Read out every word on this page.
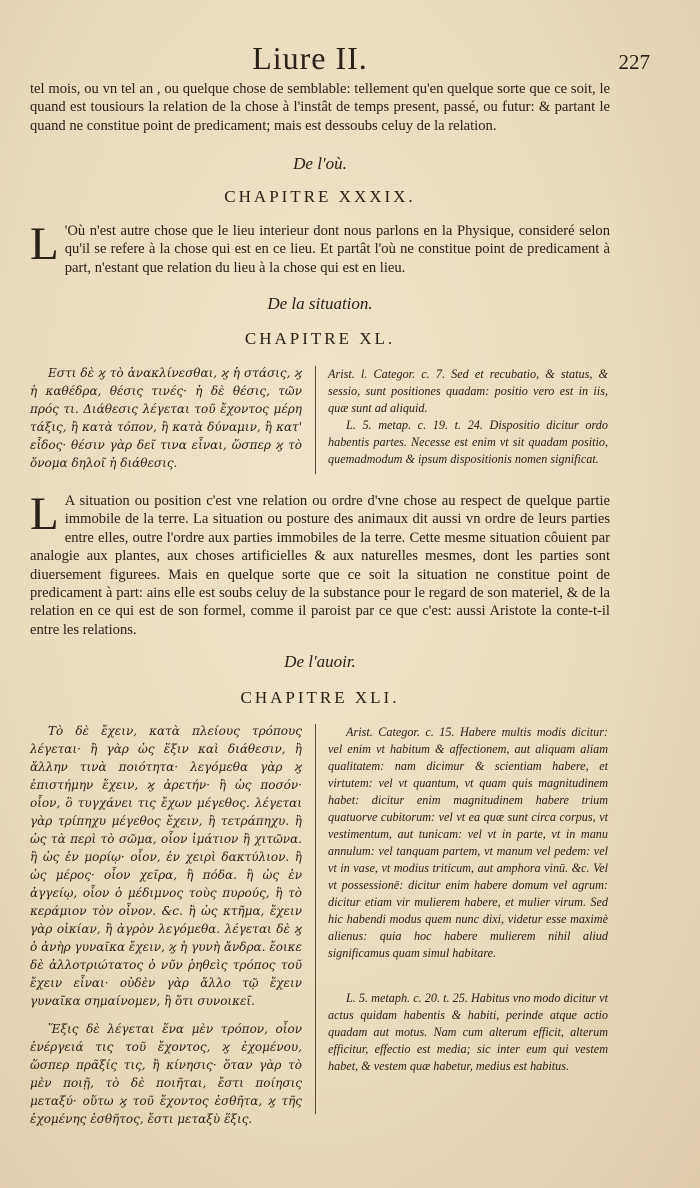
Liure II.	227

tel mois, ou vn tel an , ou quelque chose de semblable: tellement qu'en quelque sorte que ce soit, le quand est tousiours la relation de la chose à l'instât de temps present, passé, ou futur: & partant le quand ne constitue point de predicament; mais est dessoubs celuy de la relation.

De l'où.
CHAPITRE XXXIX.

L 'Où n'est autre chose que le lieu interieur dont nous parlons en la Physique, consideré selon qu'il se refere à la chose qui est en ce lieu. Et partât l'où ne constitue point de predicament à part, n'estant que relation du lieu à la chose qui est en lieu.

De la situation.
CHAPITRE XL.

Εστι δὲ ϗ τὸ ἀνακλίνεσθαι, ϗ ἡ στάσις, ϗ ἡ καθέδρα, θέσις τινές· ἡ δὲ θέσις, τῶν πρός τι. Διάθεσις λέγεται τοῦ ἔχοντος μέρη τάξις, ἢ κατὰ τόπον, ἢ κατὰ δύναμιν, ἢ κατ' εἶδος· θέσιν γὰρ δεῖ τινα εἶναι, ὥσπερ ϗ τὸ ὄνομα δηλοῖ ἡ διάθεσις.

Arist. l. Categor. c. 7. Sed et recubatio, & status, & sessio, sunt positiones quadam: positio vero est in iis, quæ sunt ad aliquid.

L. 5. metap. c. 19. t. 24. Dispositio dicitur ordo habentis partes. Necesse est enim vt sit quadam positio, quemadmodum & ipsum dispositionis nomen significat.

L A situation ou position c'est vne relation ou ordre d'vne chose au respect de quelque partie immobile de la terre. La situation ou posture des animaux dit aussi vn ordre de leurs parties entre elles, outre l'ordre aux parties immobiles de la terre. Cette mesme situation côuient par analogie aux plantes, aux choses artificielles & aux naturelles mesmes, dont les parties sont diuersement figurees. Mais en quelque sorte que ce soit la situation ne constitue point de predicament à part: ains elle est soubs celuy de la substance pour le regard de son materiel, & de la relation en ce qui est de son formel, comme il paroist par ce que c'est: aussi Aristote la conte-t-il entre les relations.

De l'auoir.
CHAPITRE XLI.

Τὸ δὲ ἔχειν, κατὰ πλείους τρόπους λέγεται· ἢ γὰρ ὡς ἕξιν καὶ διάθεσιν, ἢ ἄλλην τινὰ ποιότητα· λεγόμεθα γὰρ ϗ ἐπιστήμην ἔχειν, ϗ ἀρετήν· ἢ ὡς ποσόν· οἷον, ὃ τυγχάνει τις ἔχων μέγεθος. λέγεται γὰρ τρίπηχυ μέγεθος ἔχειν, ἢ τετράπηχυ. ἢ ὡς τὰ περὶ τὸ σῶμα, οἷον ἱμάτιον ἢ χιτῶνα. ἢ ὡς ἐν μορίῳ· οἷον, ἐν χειρὶ δακτύλιον. ἢ ὡς μέρος· οἷον χεῖρα, ἢ πόδα. ἢ ὡς ἐν ἀγγείῳ, οἷον ὁ μέδιμνος τοὺς πυρούς, ἢ τὸ κεράμιον τὸν οἶνον. &c. ἢ ὡς κτῆμα, ἔχειν γὰρ οἰκίαν, ἢ ἀγρὸν λεγόμεθα. λέγεται δὲ ϗ ὁ ἀνὴρ γυναῖκα ἔχειν, ϗ ἡ γυνὴ ἄνδρα. ἔοικε δὲ ἀλλοτριώτατος ὁ νῦν ῥηθεὶς τρόπος τοῦ ἔχειν εἶναι· οὐδὲν γὰρ ἄλλο τῷ ἔχειν γυναῖκα σημαίνομεν, ἢ ὅτι συνοικεῖ.

Ἕξις δὲ λέγεται ἕνα μὲν τρόπον, οἷον ἐνέργειά τις τοῦ ἔχοντος, ϗ ἐχομένου, ὥσπερ πρᾶξίς τις, ἢ κίνησις· ὅταν γὰρ τὸ μὲν ποιῇ, τὸ δὲ ποιῆται, ἔστι ποίησις μεταξύ· οὕτω ϗ τοῦ ἔχοντος ἐσθῆτα, ϗ τῆς ἐχομένης ἐσθῆτος, ἔστι μεταξὺ ἕξις.

Arist. Categor. c. 15. Habere multis modis dicitur: vel enim vt habitum & affectionem, aut aliquam aliam qualitatem: nam dicimur & scientiam habere, et virtutem: vel vt quantum, vt quam quis magnitudinem habet: dicitur enim magnitudinem habere trium quatuorve cubitorum: vel vt ea quæ sunt circa corpus, vt vestimentum, aut tunicam: vel vt in parte, vt in manu annulum: vel tanquam partem, vt manum vel pedem: vel vt in vase, vt modius triticum, aut amphora vinū. &c. Vel vt possessionē: dicitur enim habere domum vel agrum: dicitur etiam vir mulierem habere, et mulier virum. Sed hic habendi modus quem nunc dixi, videtur esse maximè alienus: quia hoc habere mulierem nihil aliud significamus quam simul habitare.

L. 5. metaph. c. 20. t. 25. Habitus vno modo dicitur vt actus quidam habentis & habiti, perinde atque actio quadam aut motus. Nam cum alterum efficit, alterum efficitur, effectio est media; sic inter eum qui vestem habet, & vestem quæ habetur, medius est habitus.
